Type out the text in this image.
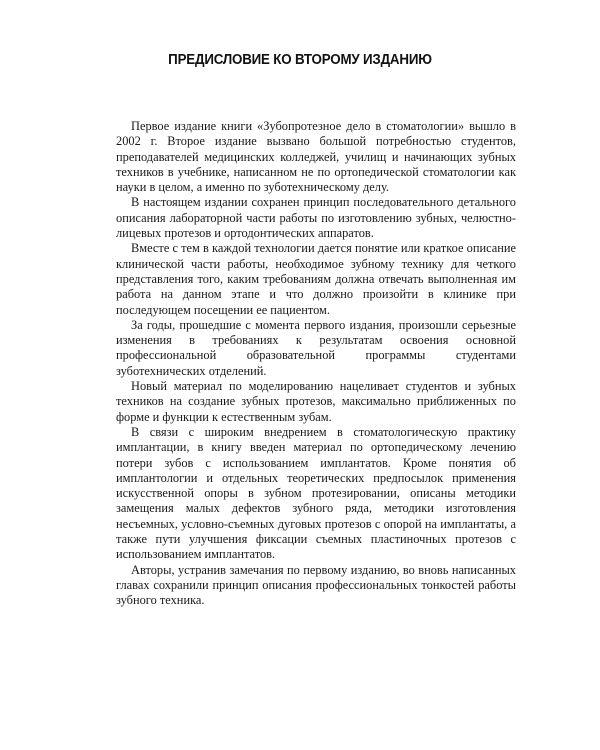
ПРЕДИСЛОВИЕ КО ВТОРОМУ ИЗДАНИЮ

Первое издание книги «Зубопротезное дело в стоматологии» вышло в 2002 г. Второе издание вызвано большой потребностью студентов, преподавателей медицинских колледжей, училищ и начинающих зубных техников в учебнике, написанном не по ортопедической стоматологии как науки в целом, а именно по зуботехническому делу.

В настоящем издании сохранен принцип последовательного детального описания лабораторной части работы по изготовлению зубных, челюстно-лицевых протезов и ортодонтических аппаратов.

Вместе с тем в каждой технологии дается понятие или краткое описание клинической части работы, необходимое зубному технику для четкого представления того, каким требованиям должна отвечать выполненная им работа на данном этапе и что должно произойти в клинике при последующем посещении ее пациентом.

За годы, прошедшие с момента первого издания, произошли серьезные изменения в требованиях к результатам освоения основной профессиональной образовательной программы студентами зуботехнических отделений.

Новый материал по моделированию нацеливает студентов и зубных техников на создание зубных протезов, максимально приближенных по форме и функции к естественным зубам.

В связи с широким внедрением в стоматологическую практику имплантации, в книгу введен материал по ортопедическому лечению потери зубов с использованием имплантатов. Кроме понятия об имплантологии и отдельных теоретических предпосылок применения искусственной опоры в зубном протезировании, описаны методики замещения малых дефектов зубного ряда, методики изготовления несъемных, условно-съемных дуговых протезов с опорой на имплантаты, а также пути улучшения фиксации съемных пластиночных протезов с использованием имплантатов.

Авторы, устранив замечания по первому изданию, во вновь написанных главах сохранили принцип описания профессиональных тонкостей работы зубного техника.
